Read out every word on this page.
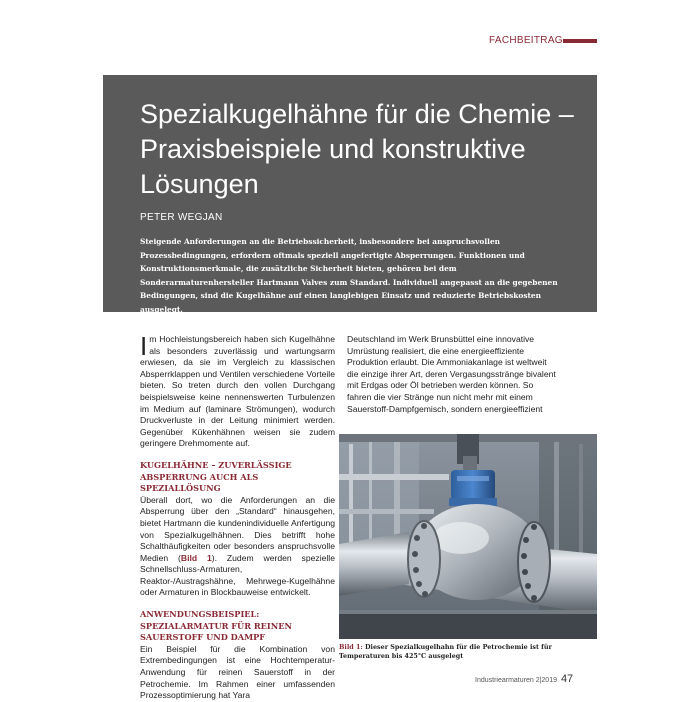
FACHBEITRAG
Spezialkugelhähne für die Chemie – Praxisbeispiele und konstruktive Lösungen
PETER WEGJAN
Steigende Anforderungen an die Betriebssicherheit, insbesondere bei anspruchsvollen Prozessbedingungen, erfordern oftmals speziell angefertigte Absperrungen. Funktionen und Konstruktionsmerkmale, die zusätzliche Sicherheit bieten, gehören bei dem Sonderarmaturenhersteller Hartmann Valves zum Standard. Individuell angepasst an die gegebenen Bedingungen, sind die Kugelhähne auf einen langlebigen Einsatz und reduzierte Betriebskosten ausgelegt.

Im Hochleistungsbereich haben sich Kugelhähne als besonders zuverlässig und wartungsarm erwiesen, da sie im Vergleich zu klassischen Absperrklappen und Ventilen verschiedene Vorteile bieten. So treten durch den vollen Durchgang beispielsweise keine nennenswerten Turbulenzen im Medium auf (laminare Strömungen), wodurch Druckverluste in der Leitung minimiert werden. Gegenüber Kükenhähnen weisen sie zudem geringere Drehmomente auf.

KUGELHÄHNE – ZUVERLÄSSIGE ABSPERRUNG AUCH ALS SPEZIALLÖSUNG

Überall dort, wo die Anforderungen an die Absperrung über den „Standard“ hinausgehen, bietet Hartmann die kundenindividuelle Anfertigung von Spezialkugelhähnen. Dies betrifft hohe Schalthäufigkeiten oder besonders anspruchsvolle Medien (Bild 1). Zudem werden spezielle Schnellschluss-Armaturen, Reaktor-/Austragshähne, Mehrwege-Kugelhähne oder Armaturen in Blockbauweise entwickelt.

ANWENDUNGSBEISPIEL: SPEZIALARMATUR FÜR REINEN SAUERSTOFF UND DAMPF

Ein Beispiel für die Kombination von Extrembedingungen ist eine Hochtemperatur-Anwendung für reinen Sauerstoff in der Petrochemie. Im Rahmen einer umfassenden Prozessoptimierung hat Yara

Deutschland im Werk Brunsbüttel eine innovative Umrüstung realisiert, die eine energieeffiziente Produktion erlaubt. Die Ammoniakanlage ist weltweit die einzige ihrer Art, deren Vergasungsstränge bivalent mit Erdgas oder Öl betrieben werden können. So fahren die vier Stränge nun nicht mehr mit einem Sauerstoff-Dampfgemisch, sondern energieeffizient

Bild 1: Dieser Spezialkugelhahn für die Petrochemie ist für Temperaturen bis 425°C ausgelegt
Industriearmaturen 2|2019 47
